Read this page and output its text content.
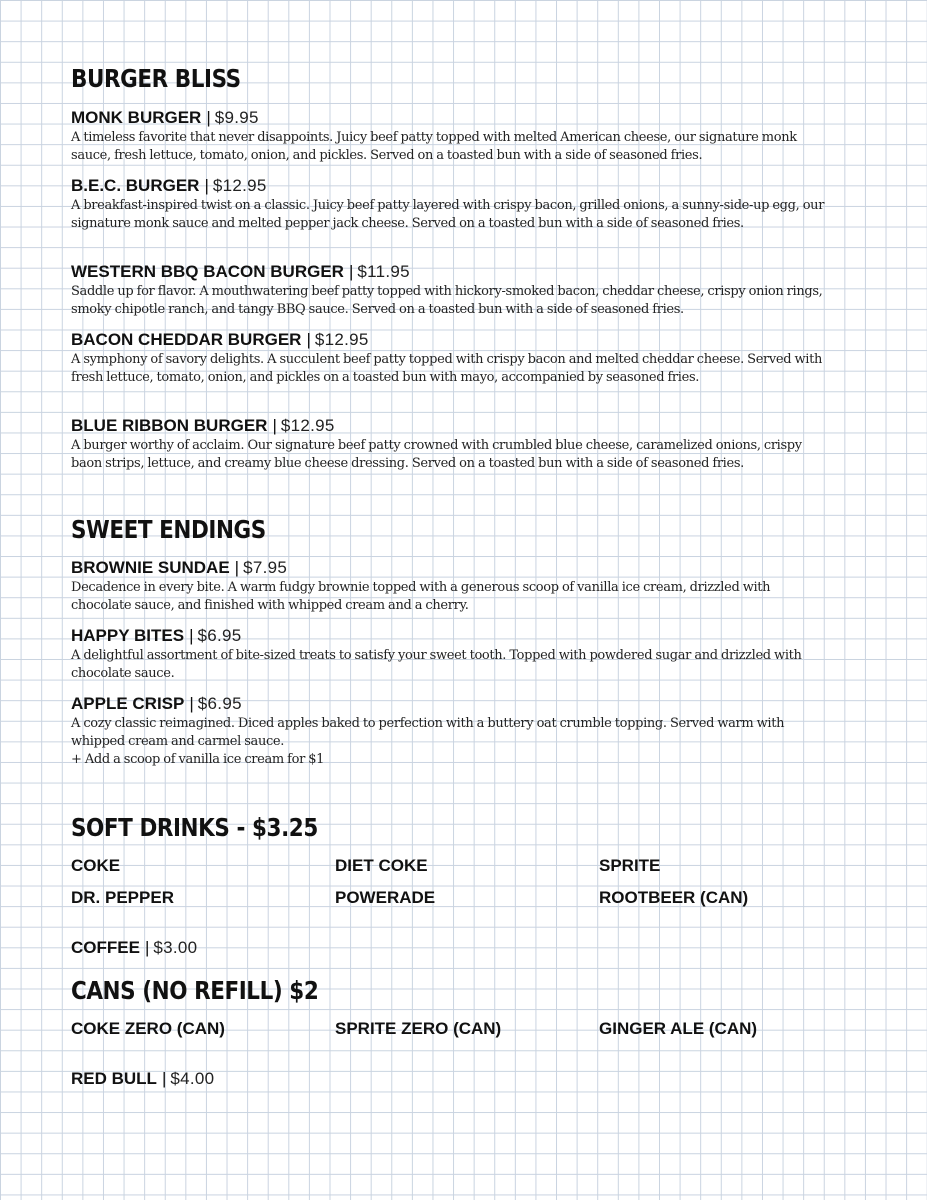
BURGER BLISS
MONK BURGER | $9.95
A timeless favorite that never disappoints. Juicy beef patty topped with melted American cheese, our signature monk sauce, fresh lettuce, tomato, onion, and pickles. Served on a toasted bun with a side of seasoned fries.
B.E.C. BURGER | $12.95
A breakfast-inspired twist on a classic. Juicy beef patty layered with crispy bacon, grilled onions, a sunny-side-up egg, our signature monk sauce and melted pepper jack cheese. Served on a toasted bun with a side of seasoned fries.
WESTERN BBQ BACON BURGER | $11.95
Saddle up for flavor. A mouthwatering beef patty topped with hickory-smoked bacon, cheddar cheese, crispy onion rings, smoky chipotle ranch, and tangy BBQ sauce. Served on a toasted bun with a side of seasoned fries.
BACON CHEDDAR BURGER | $12.95
A symphony of savory delights. A succulent beef patty topped with crispy bacon and melted cheddar cheese. Served with fresh lettuce, tomato, onion, and pickles on a toasted bun with mayo, accompanied by seasoned fries.
BLUE RIBBON BURGER | $12.95
A burger worthy of acclaim. Our signature beef patty crowned with crumbled blue cheese, caramelized onions, crispy baon strips, lettuce, and creamy blue cheese dressing. Served on a toasted bun with a side of seasoned fries.
SWEET ENDINGS
BROWNIE SUNDAE | $7.95
Decadence in every bite. A warm fudgy brownie topped with a generous scoop of vanilla ice cream, drizzled with chocolate sauce, and finished with whipped cream and a cherry.
HAPPY BITES | $6.95
A delightful assortment of bite-sized treats to satisfy your sweet tooth. Topped with powdered sugar and drizzled with chocolate sauce.
APPLE CRISP | $6.95
A cozy classic reimagined. Diced apples baked to perfection with a buttery oat crumble topping. Served warm with whipped cream and carmel sauce.
+ Add a scoop of vanilla ice cream for $1
SOFT DRINKS - $3.25
COKE	DIET COKE	SPRITE
DR. PEPPER	POWERADE	ROOTBEER (CAN)
COFFEE | $3.00
CANS (NO REFILL) $2
COKE ZERO (CAN)	SPRITE ZERO (CAN)	GINGER ALE (CAN)
RED BULL | $4.00
